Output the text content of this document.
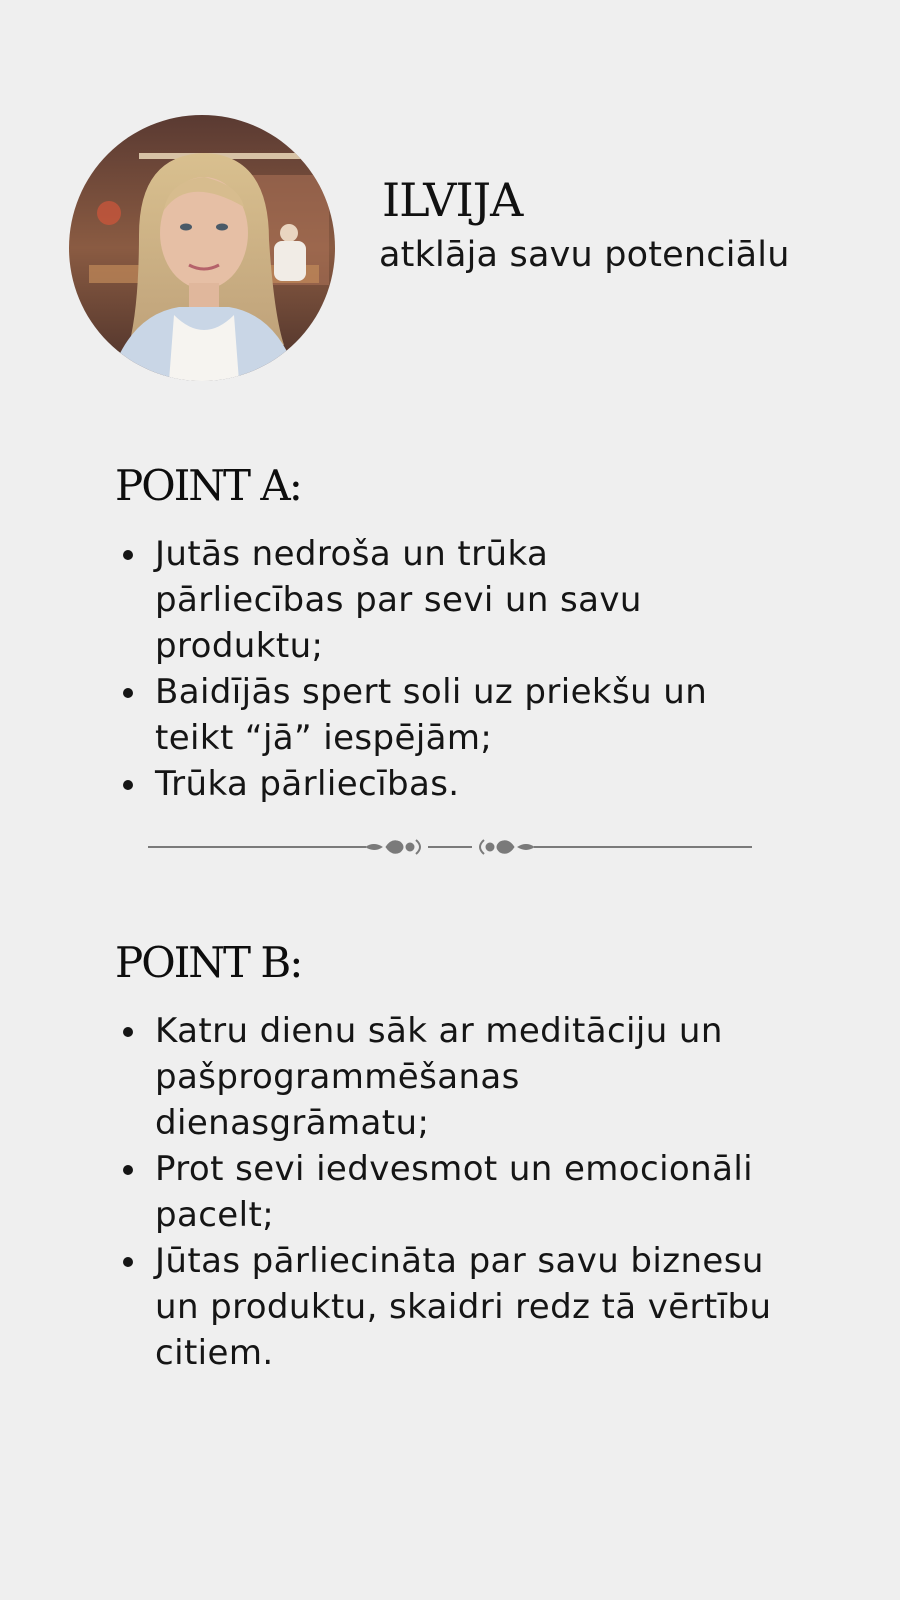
ILVIJA
atklāja savu potenciālu
POINT A:
Jutās nedroša un trūka
pārliecības par sevi un savu
produktu;
Baidījās spert soli uz priekšu un
teikt “jā” iespējām;
Trūka pārliecības.
POINT B:
Katru dienu sāk ar meditāciju un
pašprogrammēšanas
dienasgrāmatu;
Prot sevi iedvesmot un emocionāli
pacelt;
Jūtas pārliecināta par savu biznesu
un produktu, skaidri redz tā vērtību
citiem.
